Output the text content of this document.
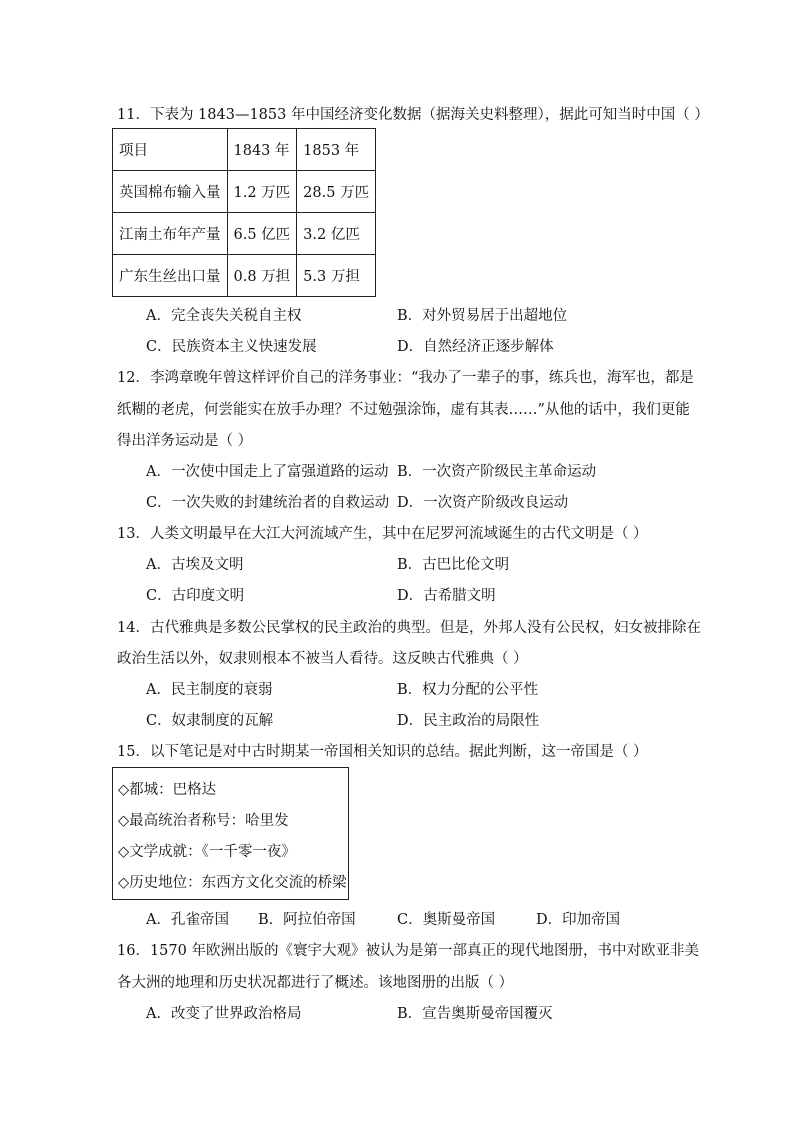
11．下表为 1843—1853 年中国经济变化数据（据海关史料整理），据此可知当时中国（ ）
项目	1843 年	1853 年
英国棉布输入量	1.2 万匹	28.5 万匹
江南土布年产量	6.5 亿匹	3.2 亿匹
广东生丝出口量	0.8 万担	5.3 万担
A．完全丧失关税自主权	B．对外贸易居于出超地位
C．民族资本主义快速发展	D．自然经济正逐步解体
12．李鸿章晚年曾这样评价自己的洋务事业：“我办了一辈子的事，练兵也，海军也，都是
纸糊的老虎，何尝能实在放手办理？不过勉强涂饰，虚有其表……”从他的话中，我们更能
得出洋务运动是（ ）
A．一次使中国走上了富强道路的运动 B．一次资产阶级民主革命运动
C．一次失败的封建统治者的自救运动 D．一次资产阶级改良运动
13．人类文明最早在大江大河流域产生，其中在尼罗河流域诞生的古代文明是（ ）
A．古埃及文明	B．古巴比伦文明
C．古印度文明	D．古希腊文明
14．古代雅典是多数公民掌权的民主政治的典型。但是，外邦人没有公民权，妇女被排除在
政治生活以外，奴隶则根本不被当人看待。这反映古代雅典（ ）
A．民主制度的衰弱	B．权力分配的公平性
C．奴隶制度的瓦解	D．民主政治的局限性
15．以下笔记是对中古时期某一帝国相关知识的总结。据此判断，这一帝国是（ ）
◇都城：巴格达
◇最高统治者称号：哈里发
◇文学成就：《一千零一夜》
◇历史地位：东西方文化交流的桥梁
A．孔雀帝国 B．阿拉伯帝国	C．奥斯曼帝国	D．印加帝国
16．1570 年欧洲出版的《寰宇大观》被认为是第一部真正的现代地图册，书中对欧亚非美
各大洲的地理和历史状况都进行了概述。该地图册的出版（ ）
A．改变了世界政治格局	B．宣告奥斯曼帝国覆灭
